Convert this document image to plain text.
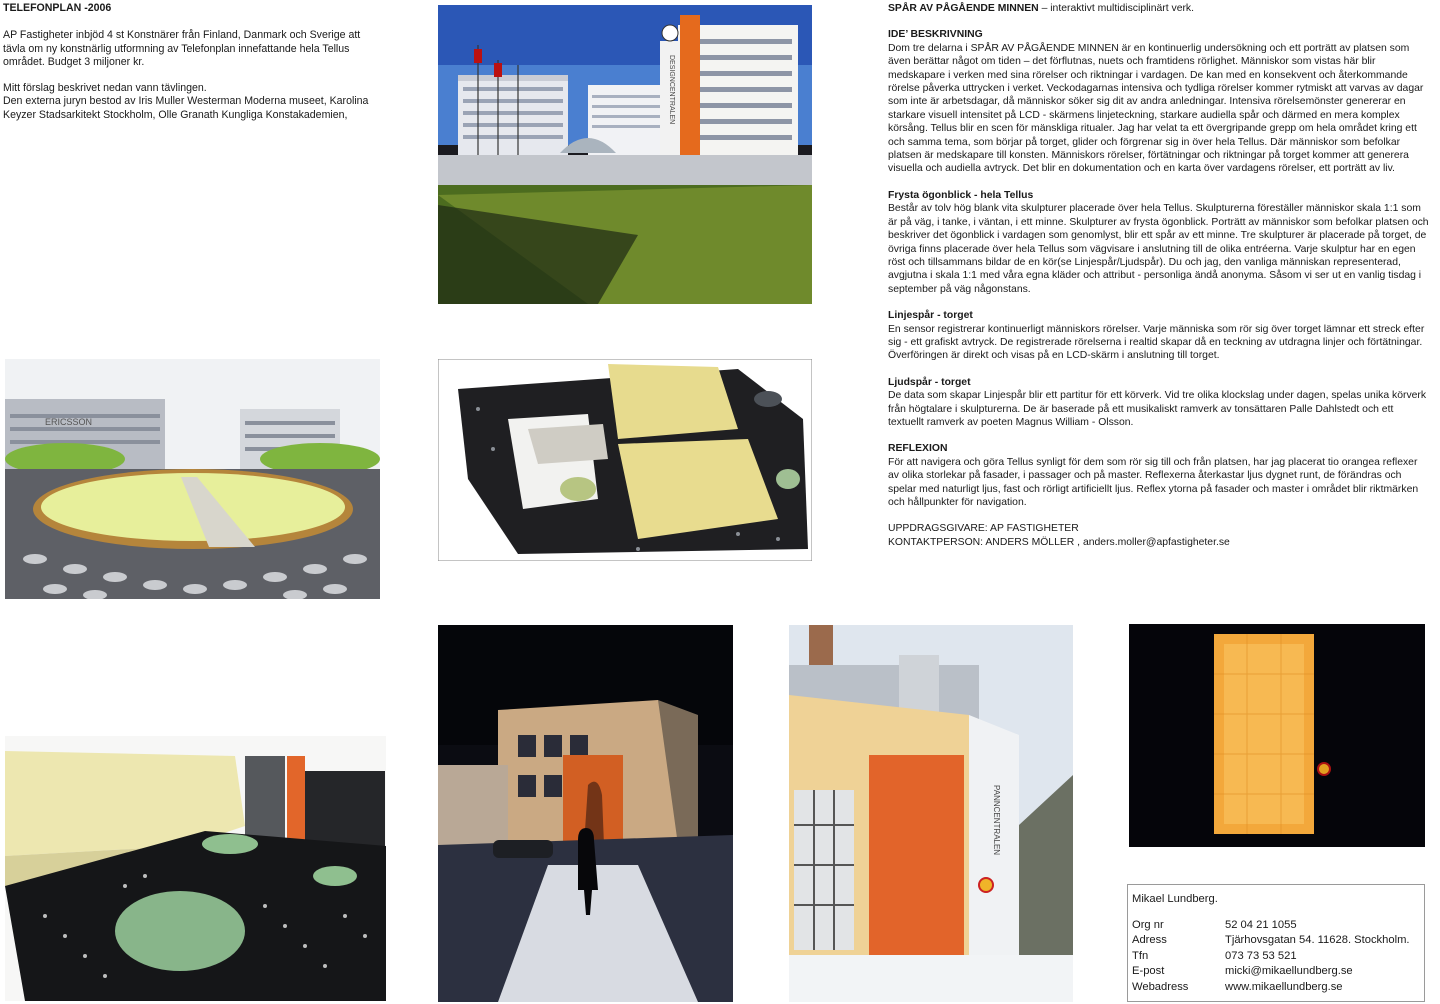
TELEFONPLAN -2006

AP Fastigheter inbjöd 4 st Konstnärer från Finland, Danmark och Sverige att tävla om ny konstnärlig utformning av Telefonplan innefattande hela Tellus området. Budget 3 miljoner kr.

Mitt förslag beskrivet nedan vann tävlingen.
Den externa juryn bestod av Iris Muller Westerman Moderna museet, Karolina Keyzer Stadsarkitekt Stockholm, Olle Granath Kungliga Konstakademien,

SPÅR AV PÅGÅENDE MINNEN – interaktivt multidisciplinärt verk.

IDE’ BESKRIVNING

Dom tre delarna i SPÅR AV PÅGÅENDE MINNEN är en kontinuerlig undersökning och ett porträtt av platsen som även berättar något om tiden – det förflutnas, nuets och framtidens rörlighet. Människor som vistas här blir medskapare i verken med sina rörelser och riktningar i vardagen. De kan med en konsekvent och återkommande rörelse påverka uttrycken i verket. Veckodagarnas intensiva och tydliga rörelser kommer rytmiskt att varvas av dagar som inte är arbetsdagar, då människor söker sig dit av andra anledningar. Intensiva rörelsemönster genererar en starkare visuell intensitet på LCD - skärmens linjeteckning, starkare audiella spår och därmed en mera komplex körsång. Tellus blir en scen för mänskliga ritualer. Jag har velat ta ett övergripande grepp om hela området kring ett och samma tema, som börjar på torget, glider och förgrenar sig in över hela Tellus. Där människor som befolkar platsen är medskapare till konsten. Människors rörelser, förtätningar och riktningar på torget kommer att generera visuella och audiella avtryck. Det blir en dokumentation och en karta över vardagens rörelser, ett porträtt av liv.

Frysta ögonblick - hela Tellus

Består av tolv hög blank vita skulpturer placerade över hela Tellus. Skulpturerna föreställer människor skala 1:1 som är på väg, i tanke, i väntan, i ett minne. Skulpturer av frysta ögonblick. Porträtt av människor som befolkar platsen och beskriver det ögonblick i vardagen som genomlyst, blir ett spår av ett minne. Tre skulpturer är placerade på torget, de övriga finns placerade över hela Tellus som vägvisare i anslutning till de olika entréerna. Varje skulptur har en egen röst och tillsammans bildar de en kör(se Linjespår/Ljudspår). Du och jag, den vanliga människan representerad, avgjutna i skala 1:1 med våra egna kläder och attribut - personliga ändå anonyma. Såsom vi ser ut en vanlig tisdag i september på väg någonstans.

Linjespår - torget

En sensor registrerar kontinuerligt människors rörelser. Varje människa som rör sig över torget lämnar ett streck efter sig - ett grafiskt avtryck. De registrerade rörelserna i realtid skapar då en teckning av utdragna linjer och förtätningar. Överföringen är direkt och visas på en LCD-skärm i anslutning till torget.

Ljudspår - torget

De data som skapar Linjespår blir ett partitur för ett körverk. Vid tre olika klockslag under dagen, spelas unika körverk från högtalare i skulpturerna. De är baserade på ett musikaliskt ramverk av tonsättaren Palle Dahlstedt och ett textuellt ramverk av poeten Magnus William - Olsson.

REFLEXION

För att navigera och göra Tellus synligt för dem som rör sig till och från platsen, har jag placerat tio orangea reflexer av olika storlekar på fasader, i passager och på master. Reflexerna återkastar ljus dygnet runt, de förändras och spelar med naturligt ljus, fast och rörligt artificiellt ljus. Reflex ytorna på fasader och master i området blir riktmärken och hållpunkter för navigation.

UPPDRAGSGIVARE: AP FASTIGHETER
KONTAKTPERSON: ANDERS MÖLLER , anders.moller@apfastigheter.se
DESIGNCENTRALEN
ERICSSON
PANNCENTRALEN
Mikael Lundberg.
Org nr	52 04 21 1055
Adress	Tjärhovsgatan 54. 11628. Stockholm.
Tfn	073 73 53 521
E-post	micki@mikaellundberg.se
Webadress	www.mikaellundberg.se
